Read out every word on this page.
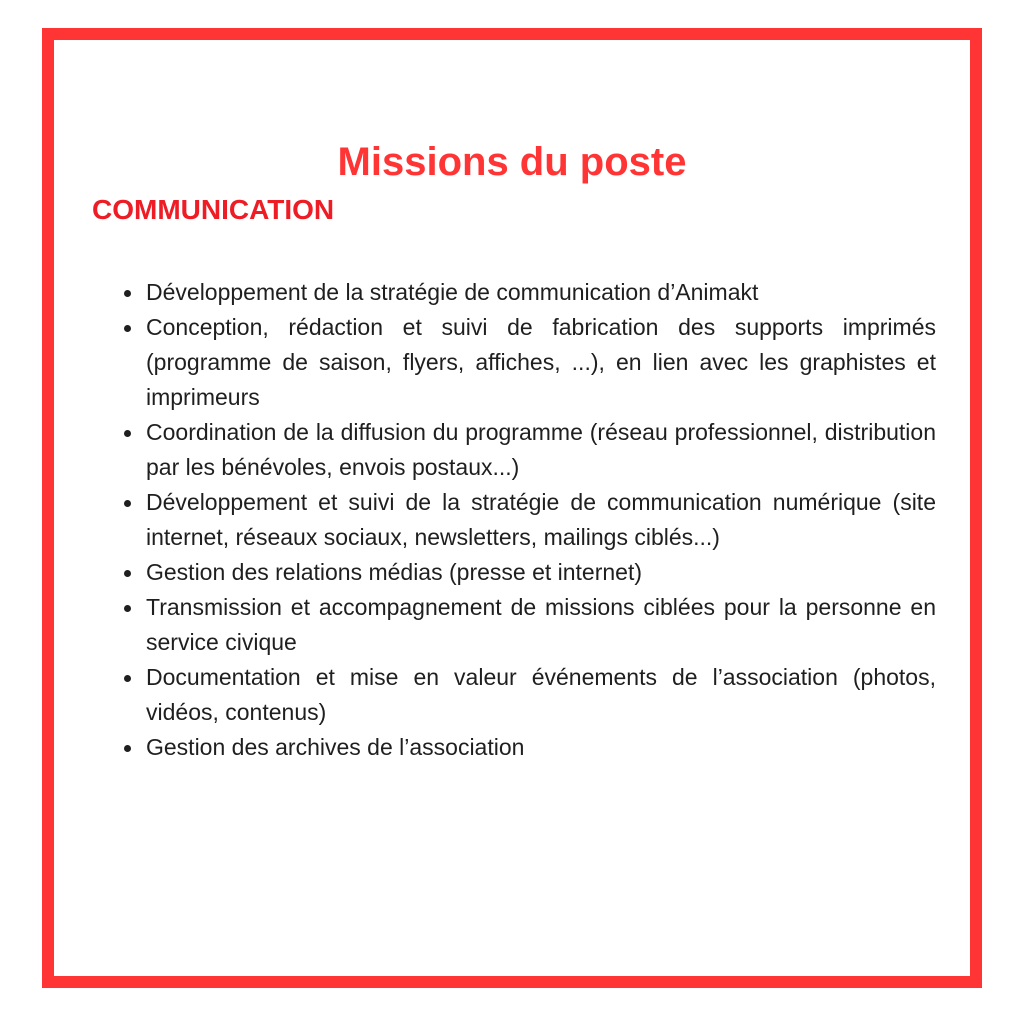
Missions du poste
COMMUNICATION
Développement de la stratégie de communication d’Animakt
Conception, rédaction et suivi de fabrication des supports imprimés (programme de saison, flyers, affiches, ...), en lien avec les graphistes et imprimeurs
Coordination de la diffusion du programme (réseau professionnel, distribution par les bénévoles, envois postaux...)
Développement et suivi de la stratégie de communication numérique (site internet, réseaux sociaux, newsletters, mailings ciblés...)
Gestion des relations médias (presse et internet)
Transmission et accompagnement de missions ciblées pour la personne en service civique
Documentation et mise en valeur événements de l’association (photos, vidéos, contenus)
Gestion des archives de l’association
